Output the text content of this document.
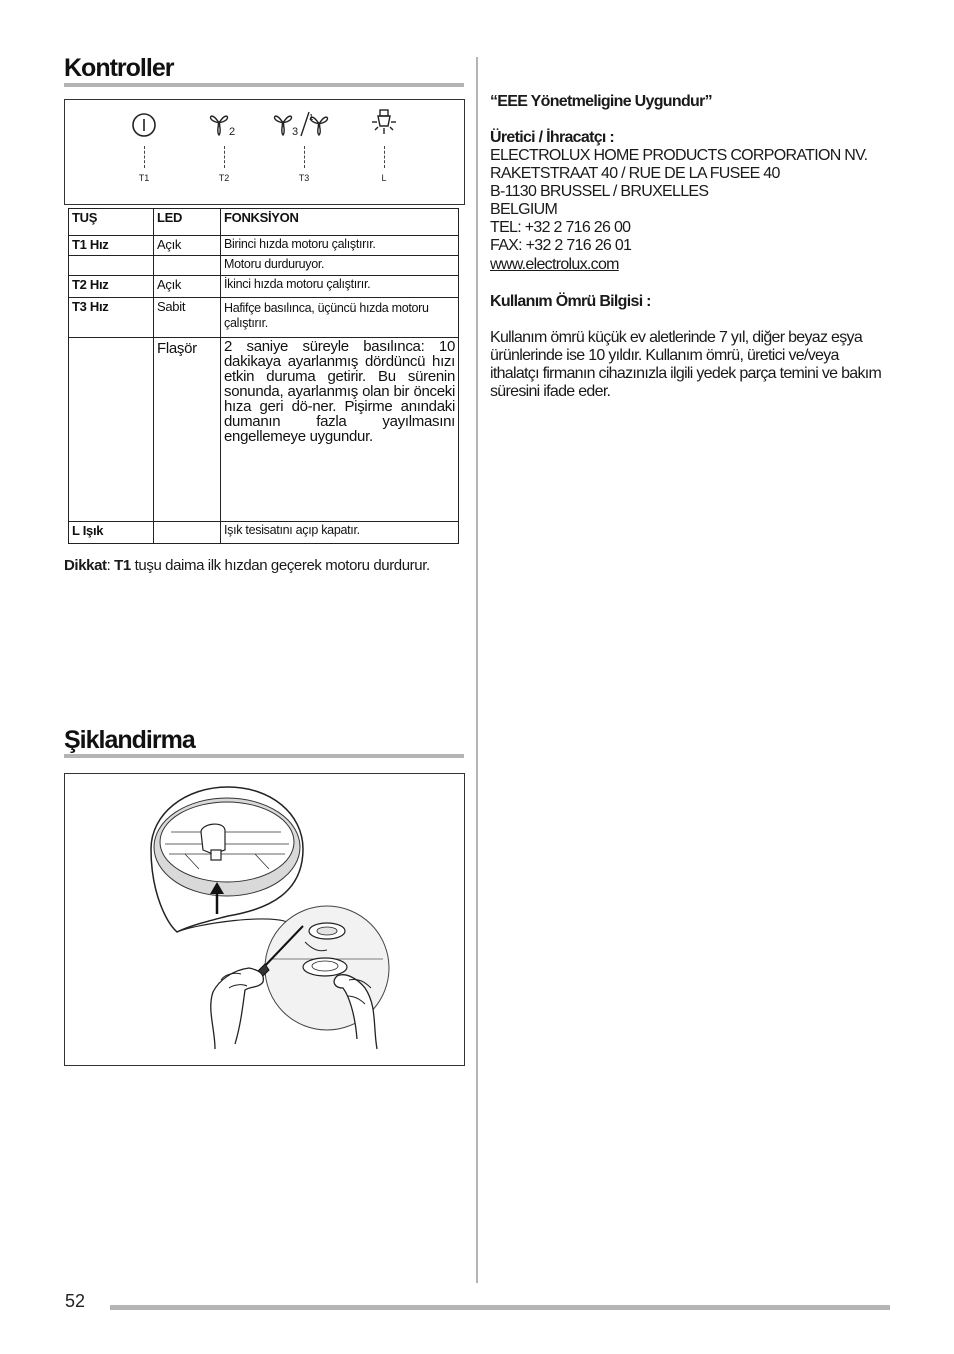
Kontroller
2	3
1
T1	T2	T3	L
TUŞ	LED	FONKSİYON
T1 Hız	Açık	Birinci hızda motoru çalıştırır.
		Motoru durduruyor.
T2 Hız	Açık	İkinci hızda motoru çalıştırır.
T3 Hız	Sabit	Hafifçe basılınca, üçüncü hızda motoru çalıştırır.
	Flaşör	2 saniye süreyle basılınca: 10 dakikaya ayarlanmış dördüncü hızı etkin duruma getirir. Bu sürenin sonunda, ayarlanmış olan bir önceki hıza geri dö-ner. Pişirme anındaki dumanın fazla yayılmasını engellemeye uygundur.
L Işık		Işık tesisatını açıp kapatır.
Dikkat: T1 tuşu daima ilk hızdan geçerek motoru durdurur.
Şiklandirma
“EEE Yönetmeligine Uygundur”
Üretici / İhracatçı :
ELECTROLUX HOME PRODUCTS CORPORATION NV.
RAKETSTRAAT 40 / RUE DE LA FUSEE 40
B-1130 BRUSSEL / BRUXELLES
BELGIUM
TEL: +32 2 716 26 00
FAX: +32 2 716 26 01
www.electrolux.com
Kullanım Ömrü Bilgisi :
Kullanım ömrü küçük ev aletlerinde 7 yıl, diğer beyaz eşya ürünlerinde ise 10 yıldır. Kullanım ömrü, üretici ve/veya ithalatçı firmanın cihazınızla ilgili yedek parça temini ve bakım süresini ifade eder.
52
